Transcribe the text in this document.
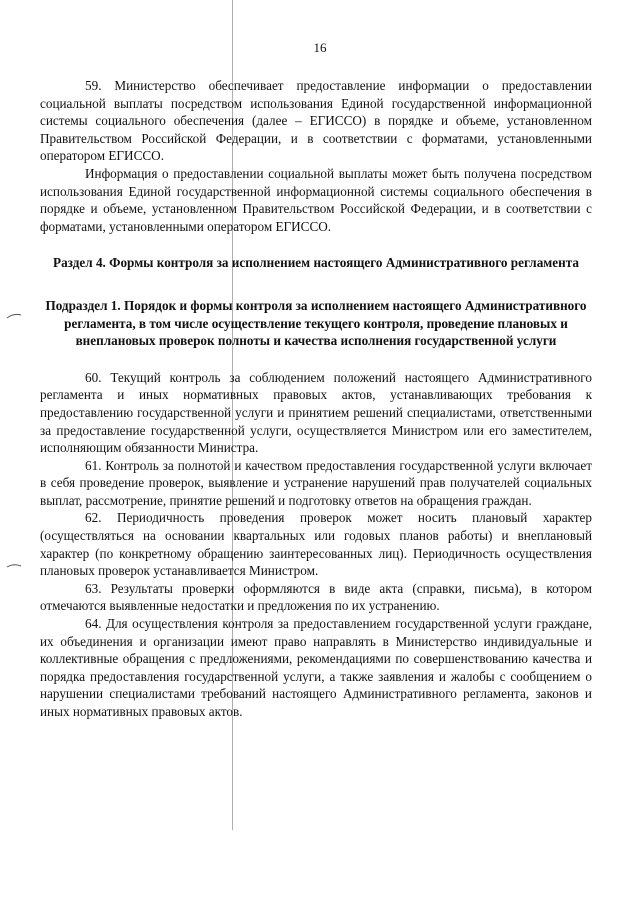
16

59. Министерство обеспечивает предоставление информации о предоставлении социальной выплаты посредством использования Единой государственной информационной системы социального обеспечения (далее – ЕГИССО) в порядке и объеме, установленном Правительством Российской Федерации, и в соответствии с форматами, установленными оператором ЕГИССО.

Информация о предоставлении социальной выплаты может быть получена посредством использования Единой государственной информационной системы социального обеспечения в порядке и объеме, установленном Правительством Российской Федерации, и в соответствии с форматами, установленными оператором ЕГИССО.

Раздел 4. Формы контроля за исполнением настоящего Административного регламента
Подраздел 1. Порядок и формы контроля за исполнением настоящего Административного регламента, в том числе осуществление текущего контроля, проведение плановых и внеплановых проверок полноты и качества исполнения государственной услуги

60. Текущий контроль за соблюдением положений настоящего Административного регламента и иных нормативных правовых актов, устанавливающих требования к предоставлению государственной услуги и принятием решений специалистами, ответственными за предоставление государственной услуги, осуществляется Министром или его заместителем, исполняющим обязанности Министра.

61. Контроль за полнотой и качеством предоставления государственной услуги включает в себя проведение проверок, выявление и устранение нарушений прав получателей социальных выплат, рассмотрение, принятие решений и подготовку ответов на обращения граждан.

62. Периодичность проведения проверок может носить плановый характер (осуществляться на основании квартальных или годовых планов работы) и внеплановый характер (по конкретному обращению заинтересованных лиц). Периодичность осуществления плановых проверок устанавливается Министром.

63. Результаты проверки оформляются в виде акта (справки, письма), в котором отмечаются выявленные недостатки и предложения по их устранению.

64. Для осуществления контроля за предоставлением государственной услуги граждане, их объединения и организации имеют право направлять в Министерство индивидуальные и коллективные обращения с предложениями, рекомендациями по совершенствованию качества и порядка предоставления государственной услуги, а также заявления и жалобы с сообщением о нарушении специалистами требований настоящего Административного регламента, законов и иных нормативных правовых актов.
